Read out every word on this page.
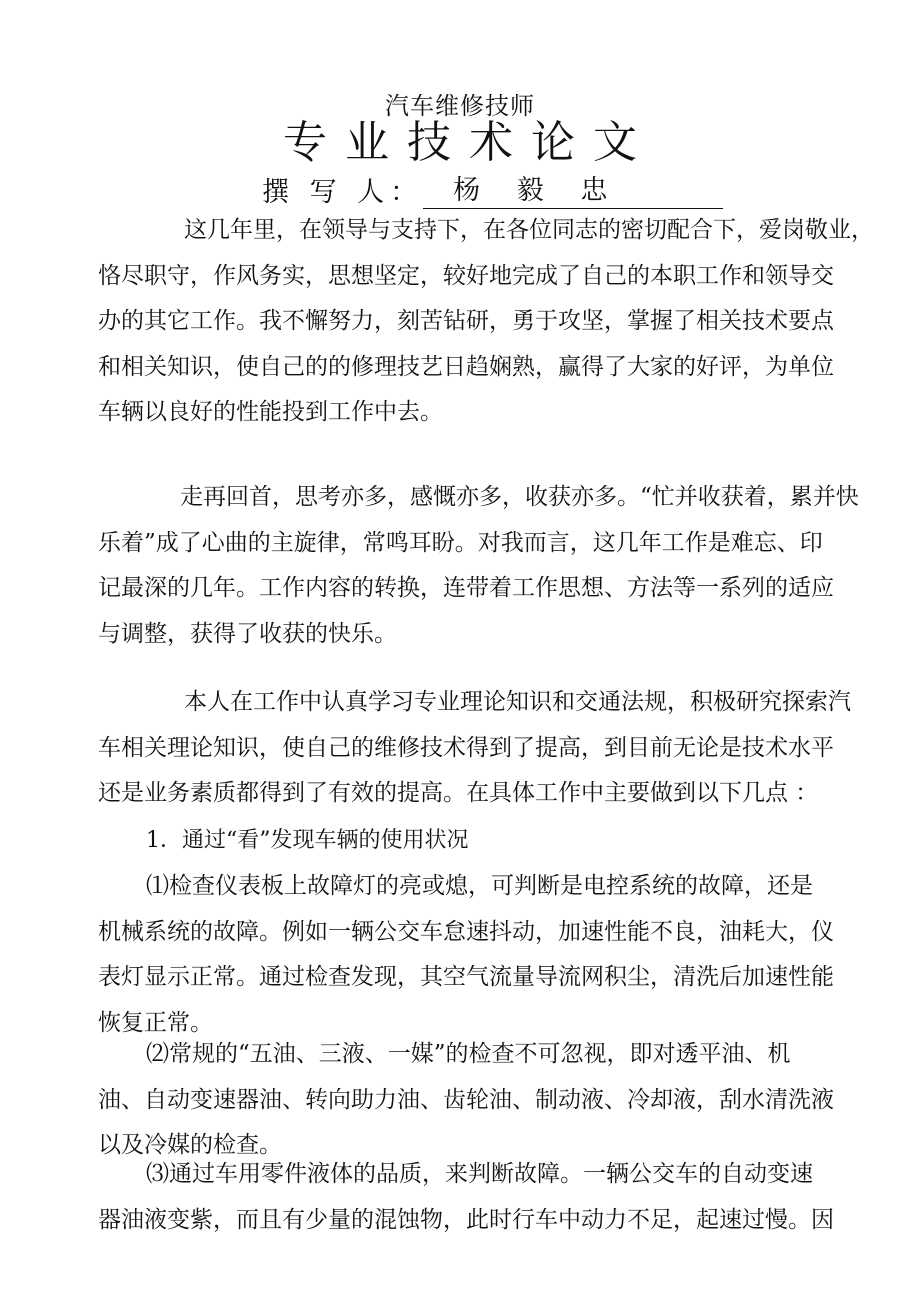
汽车维修技师
专业技术论文
撰 写 人：	杨 毅 忠
这几年里，在领导与支持下，在各位同志的密切配合下，爱岗敬业，
恪尽职守，作风务实，思想坚定，较好地完成了自己的本职工作和领导交
办的其它工作。我不懈努力，刻苦钻研，勇于攻坚，掌握了相关技术要点
和相关知识，使自己的的修理技艺日趋娴熟，赢得了大家的好评，为单位
车辆以良好的性能投到工作中去。
走再回首，思考亦多，感慨亦多，收获亦多。“忙并收获着，累并快
乐着”成了心曲的主旋律，常鸣耳盼。对我而言，这几年工作是难忘、印
记最深的几年。工作内容的转换，连带着工作思想、方法等一系列的适应
与调整，获得了收获的快乐。
本人在工作中认真学习专业理论知识和交通法规，积极研究探索汽
车相关理论知识，使自己的维修技术得到了提高，到目前无论是技术水平
还是业务素质都得到了有效的提高。在具体工作中主要做到以下几点 ：
1．通过“看”发现车辆的使用状况
⑴检查仪表板上故障灯的亮或熄，可判断是电控系统的故障，还是
机械系统的故障。例如一辆公交车怠速抖动，加速性能不良，油耗大，仪
表灯显示正常。通过检查发现，其空气流量导流网积尘，清洗后加速性能
恢复正常。
⑵常规的“五油、三液、一媒”的检查不可忽视，即对透平油、机
油、自动变速器油、转向助力油、齿轮油、制动液、冷却液，刮水清洗液
以及冷媒的检查。
⑶通过车用零件液体的品质，来判断故障。一辆公交车的自动变速
器油液变紫，而且有少量的混蚀物，此时行车中动力不足，起速过慢。因
